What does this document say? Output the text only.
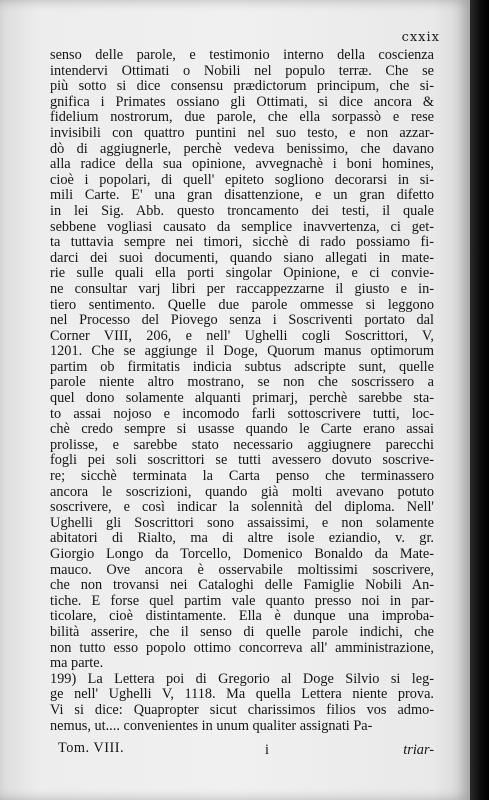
cxxix
senso delle parole, e testimonio interno della coscienza
intendervi Ottimati o Nobili nel populo terræ. Che se
più sotto si dice consensu prædictorum principum, che si-
gnifica i Primates ossiano gli Ottimati, si dice ancora &
fidelium nostrorum, due parole, che ella sorpassò e rese
invisibili con quattro puntini nel suo testo, e non azzar-
dò di aggiugnerle, perchè vedeva benissimo, che davano
alla radice della sua opinione, avvegnachè i boni homines,
cioè i popolari, di quell' epiteto sogliono decorarsi in si-
mili Carte. E' una gran disattenzione, e un gran difetto
in lei Sig. Abb. questo troncamento dei testi, il quale
sebbene vogliasi causato da semplice inavvertenza, ci get-
ta tuttavia sempre nei timori, sicchè di rado possiamo fi-
darci dei suoi documenti, quando siano allegati in mate-
rie sulle quali ella porti singolar Opinione, e ci convie-
ne consultar varj libri per raccappezzarne il giusto e in-
tiero sentimento. Quelle due parole ommesse si leggono
nel Processo del Piovego senza i Soscriventi portato dal
Corner VIII, 206, e nell' Ughelli cogli Soscrittori, V,
1201. Che se aggiunge il Doge, Quorum manus optimorum
partim ob firmitatis indicia subtus adscripte sunt, quelle
parole niente altro mostrano, se non che soscrissero a
quel dono solamente alquanti primarj, perchè sarebbe sta-
to assai nojoso e incomodo farli sottoscrivere tutti, loc-
chè credo sempre si usasse quando le Carte erano assai
prolisse, e sarebbe stato necessario aggiugnere parecchi
fogli pei soli soscrittori se tutti avessero dovuto soscrive-
re; sicchè terminata la Carta penso che terminassero
ancora le soscrizioni, quando già molti avevano potuto
soscrivere, e così indicar la solennità del diploma. Nell'
Ughelli gli Soscrittori sono assaissimi, e non solamente
abitatori di Rialto, ma di altre isole eziandio, v. gr.
Giorgio Longo da Torcello, Domenico Bonaldo da Mate-
mauco. Ove ancora è osservabile moltissimi soscrivere,
che non trovansi nei Cataloghi delle Famiglie Nobili An-
tiche. E forse quel partim vale quanto presso noi in par-
ticolare, cioè distintamente. Ella è dunque una improba-
bilità asserire, che il senso di quelle parole indichi, che
non tutto esso popolo ottimo concorreva all' amministrazione,
ma parte.
199) La Lettera poi di Gregorio al Doge Silvio si leg-
ge nell' Ughelli V, 1118. Ma quella Lettera niente prova.
Vi si dice: Quapropter sicut charissimos filios vos admo-
nemus, ut.... convenientes in unum qualiter assignati Pa-
Tom. VIII.	i	triar-
